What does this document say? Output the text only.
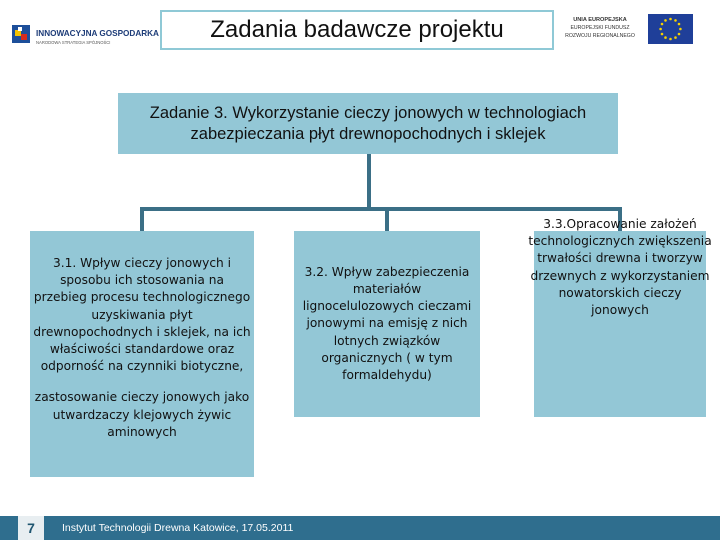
INNOWACYJNA GOSPODARKA
NARODOWA STRATEGIA SPÓJNOŚCI	Zadania badawcze projektu	UNIA EUROPEJSKA
EUROPEJSKI FUNDUSZ
ROZWOJU REGIONALNEGO
Zadanie 3. Wykorzystanie cieczy jonowych w technologiach
zabezpieczania płyt drewnopochodnych i sklejek
3.1. Wpływ cieczy jonowych i sposobu ich stosowania na przebieg procesu technologicznego uzyskiwania płyt drewnopochodnych i sklejek, na ich właściwości standardowe oraz odporność na czynniki biotyczne,
zastosowanie cieczy jonowych jako utwardzaczy klejowych żywic aminowych
3.2. Wpływ zabezpieczenia materiałów lignocelulozowych cieczami jonowymi na emisję z nich lotnych związków organicznych ( w tym formaldehydu)
3.3.Opracowanie założeń technologicznych zwiększenia trwałości drewna i tworzyw drzewnych z wykorzystaniem nowatorskich cieczy jonowych
7	Instytut Technologii Drewna Katowice, 17.05.2011
